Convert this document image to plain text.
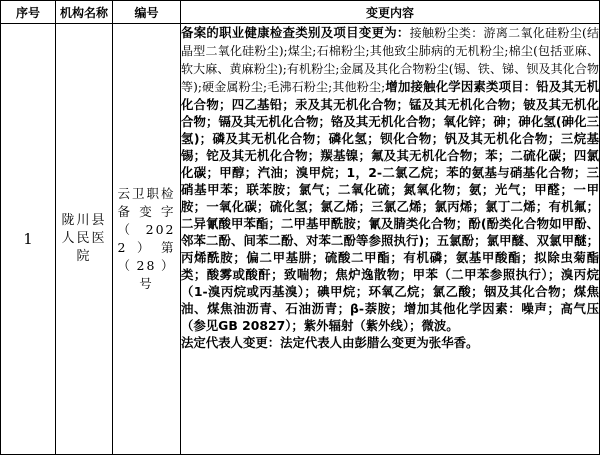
序号	机构名称	编号	变更内容
1	陇川县人民医院	云卫职检备变字（2022）第（28）号	备案的职业健康检查类别及项目变更为：接触粉尘类：游离二氧化硅粉尘(结晶型二氧化硅粉尘);煤尘;石棉粉尘;其他致尘肺病的无机粉尘;棉尘(包括亚麻、软大麻、黄麻粉尘);有机粉尘;金属及其化合物粉尘(锡、铁、锑、钡及其化合物等);硬金属粉尘;毛沸石粉尘;其他粉尘;增加接触化学因素类项目：铅及其无机化合物；四乙基铅；汞及其无机化合物；锰及其无机化合物；铍及其无机化合物；镉及其无机化合物；铬及其无机化合物；氧化锌；砷；砷化氢(砷化三氢)；磷及其无机化合物；磷化氢；钡化合物；钒及其无机化合物；三烷基锡；铊及其无机化合物；羰基镍；氟及其无机化合物；苯；二硫化碳；四氯化碳；甲醇；汽油；溴甲烷；1，2-二氯乙烷；苯的氨基与硝基化合物；三硝基甲苯；联苯胺；氯气；二氧化硫；氮氧化物；氨；光气；甲醛；一甲胺；一氧化碳；硫化氢；氯乙烯；三氯乙烯；氯丙烯；氯丁二烯；有机氟；二异氰酸甲苯酯；二甲基甲酰胺；氰及腈类化合物；酚(酚类化合物如甲酚、邻苯二酚、间苯二酚、对苯二酚等参照执行)；五氯酚；氯甲醚、双氯甲醚；丙烯酰胺；偏二甲基肼；硫酸二甲酯；有机磷；氨基甲酸酯；拟除虫菊酯类；酸雾或酸酐；致喘物；焦炉逸散物；甲苯（二甲苯参照执行）；溴丙烷（1-溴丙烷或丙基溴）；碘甲烷；环氧乙烷；氯乙酸；铟及其化合物；煤焦油、煤焦油沥青、石油沥青；β-萘胺；增加其他化学因素：噪声；高气压（参见GB 20827）；紫外辐射（紫外线）；微波。

法定代表人变更：法定代表人由彭腊么变更为张华香。
